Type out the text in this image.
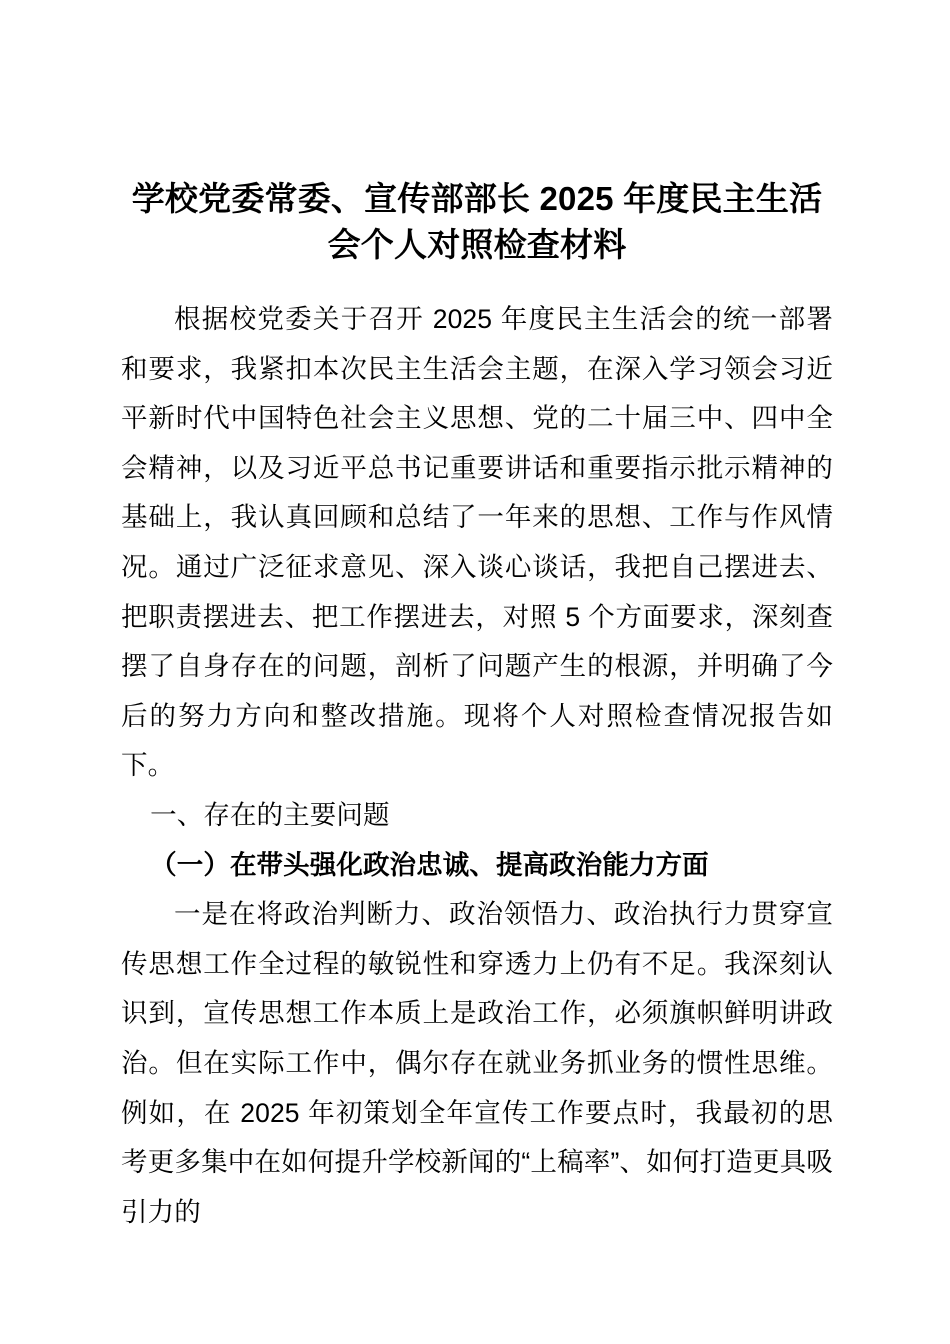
学校党委常委、宣传部部长 2025 年度民主生活会个人对照检查材料

根据校党委关于召开 2025 年度民主生活会的统一部署和要求，我紧扣本次民主生活会主题，在深入学习领会习近平新时代中国特色社会主义思想、党的二十届三中、四中全会精神，以及习近平总书记重要讲话和重要指示批示精神的基础上，我认真回顾和总结了一年来的思想、工作与作风情况。通过广泛征求意见、深入谈心谈话，我把自己摆进去、把职责摆进去、把工作摆进去，对照 5 个方面要求，深刻查摆了自身存在的问题，剖析了问题产生的根源，并明确了今后的努力方向和整改措施。现将个人对照检查情况报告如下。

一、存在的主要问题

（一）在带头强化政治忠诚、提高政治能力方面

一是在将政治判断力、政治领悟力、政治执行力贯穿宣传思想工作全过程的敏锐性和穿透力上仍有不足。我深刻认识到，宣传思想工作本质上是政治工作，必须旗帜鲜明讲政治。但在实际工作中，偶尔存在就业务抓业务的惯性思维。例如，在 2025 年初策划全年宣传工作要点时，我最初的思考更多集中在如何提升学校新闻的“上稿率”、如何打造更具吸引力的
